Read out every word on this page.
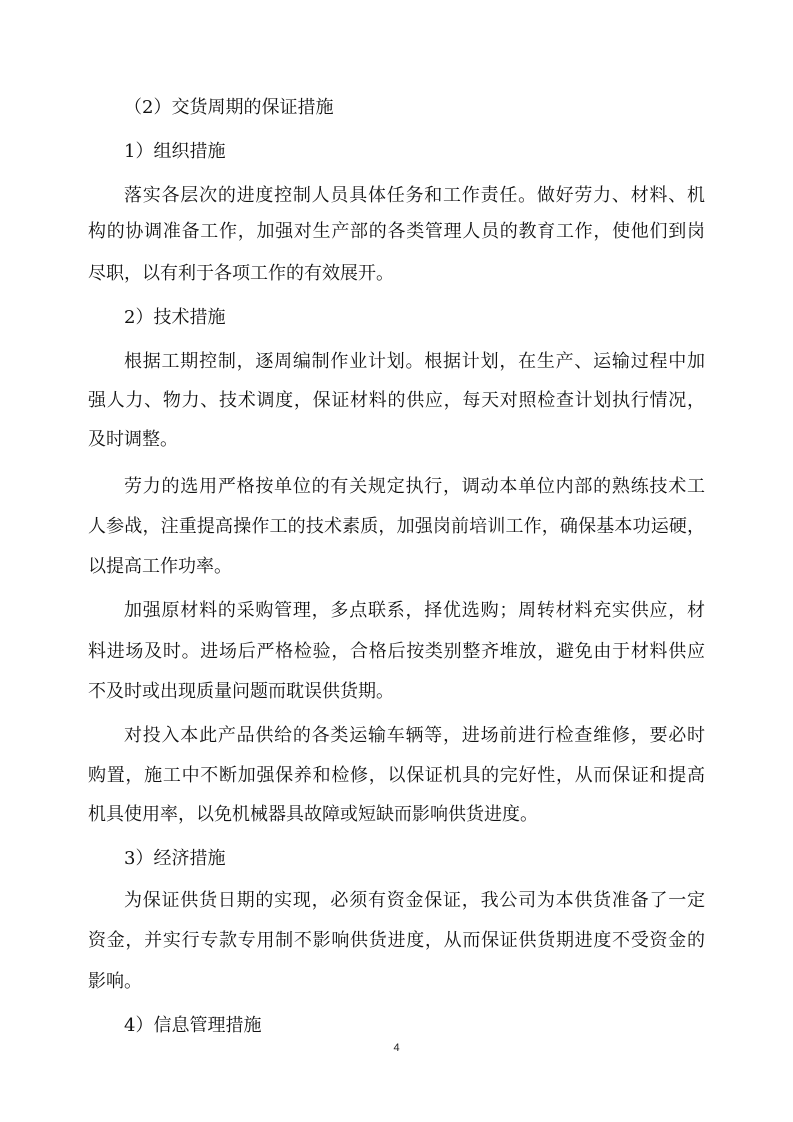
（2）交货周期的保证措施
1）组织措施
落实各层次的进度控制人员具体任务和工作责任。做好劳力、材料、机
构的协调准备工作，加强对生产部的各类管理人员的教育工作，使他们到岗
尽职，以有利于各项工作的有效展开。
2）技术措施
根据工期控制，逐周编制作业计划。根据计划，在生产、运输过程中加
强人力、物力、技术调度，保证材料的供应，每天对照检查计划执行情况，
及时调整。
劳力的选用严格按单位的有关规定执行，调动本单位内部的熟练技术工
人参战，注重提高操作工的技术素质，加强岗前培训工作，确保基本功运硬，
以提高工作功率。
加强原材料的采购管理，多点联系，择优选购；周转材料充实供应，材
料进场及时。进场后严格检验，合格后按类别整齐堆放，避免由于材料供应
不及时或出现质量问题而耽误供货期。
对投入本此产品供给的各类运输车辆等，进场前进行检查维修，要必时
购置，施工中不断加强保养和检修，以保证机具的完好性，从而保证和提高
机具使用率，以免机械器具故障或短缺而影响供货进度。
3）经济措施
为保证供货日期的实现，必须有资金保证，我公司为本供货准备了一定
资金，并实行专款专用制不影响供货进度，从而保证供货期进度不受资金的
影响。
4）信息管理措施
4
